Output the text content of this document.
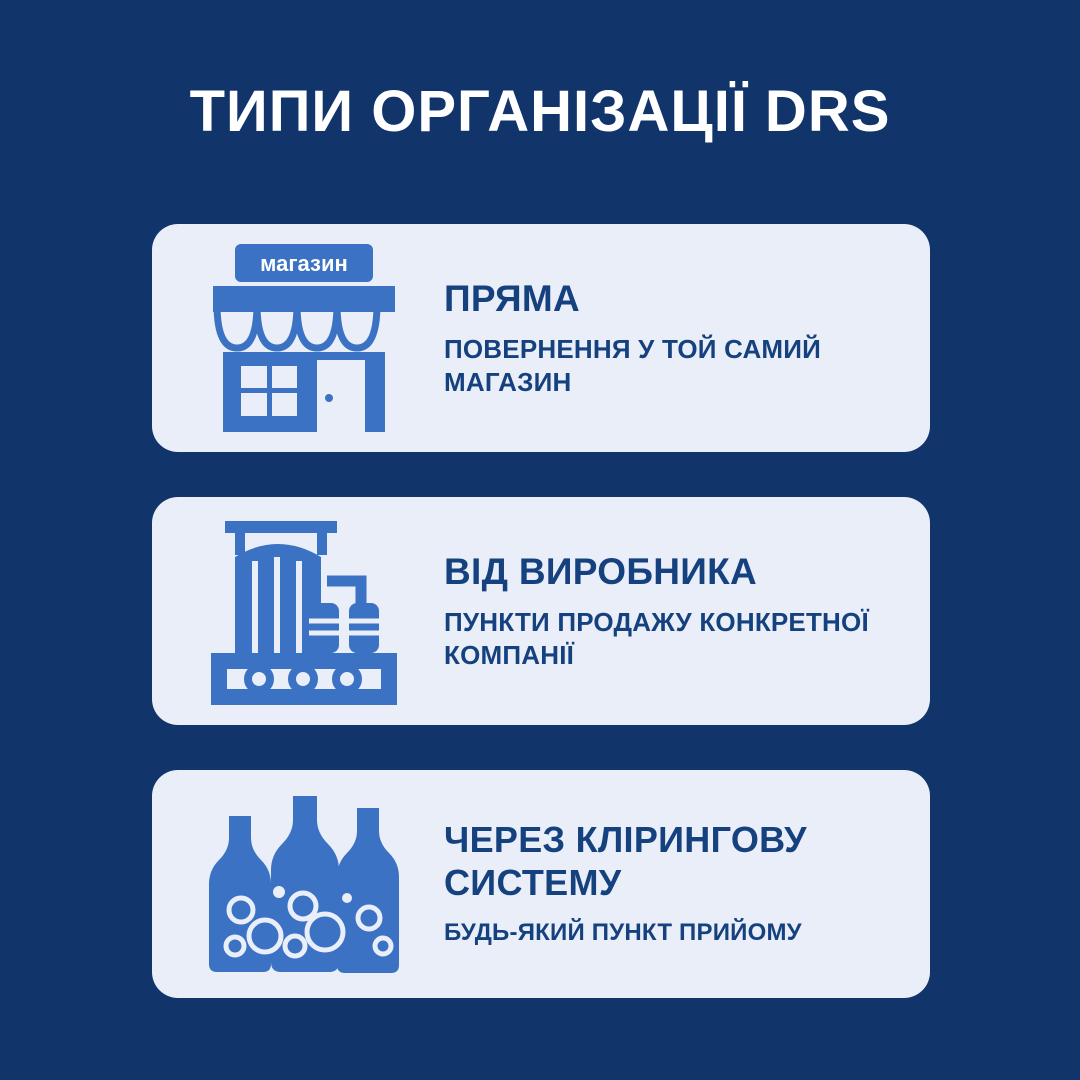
ТИПИ ОРГАНІЗАЦІЇ DRS
магазин
ПРЯМА
ПОВЕРНЕННЯ У ТОЙ САМИЙ МАГАЗИН
ВІД ВИРОБНИКА
ПУНКТИ ПРОДАЖУ КОНКРЕТНОЇ КОМПАНІЇ
ЧЕРЕЗ КЛІРИНГОВУ СИСТЕМУ
БУДЬ-ЯКИЙ ПУНКТ ПРИЙОМУ
